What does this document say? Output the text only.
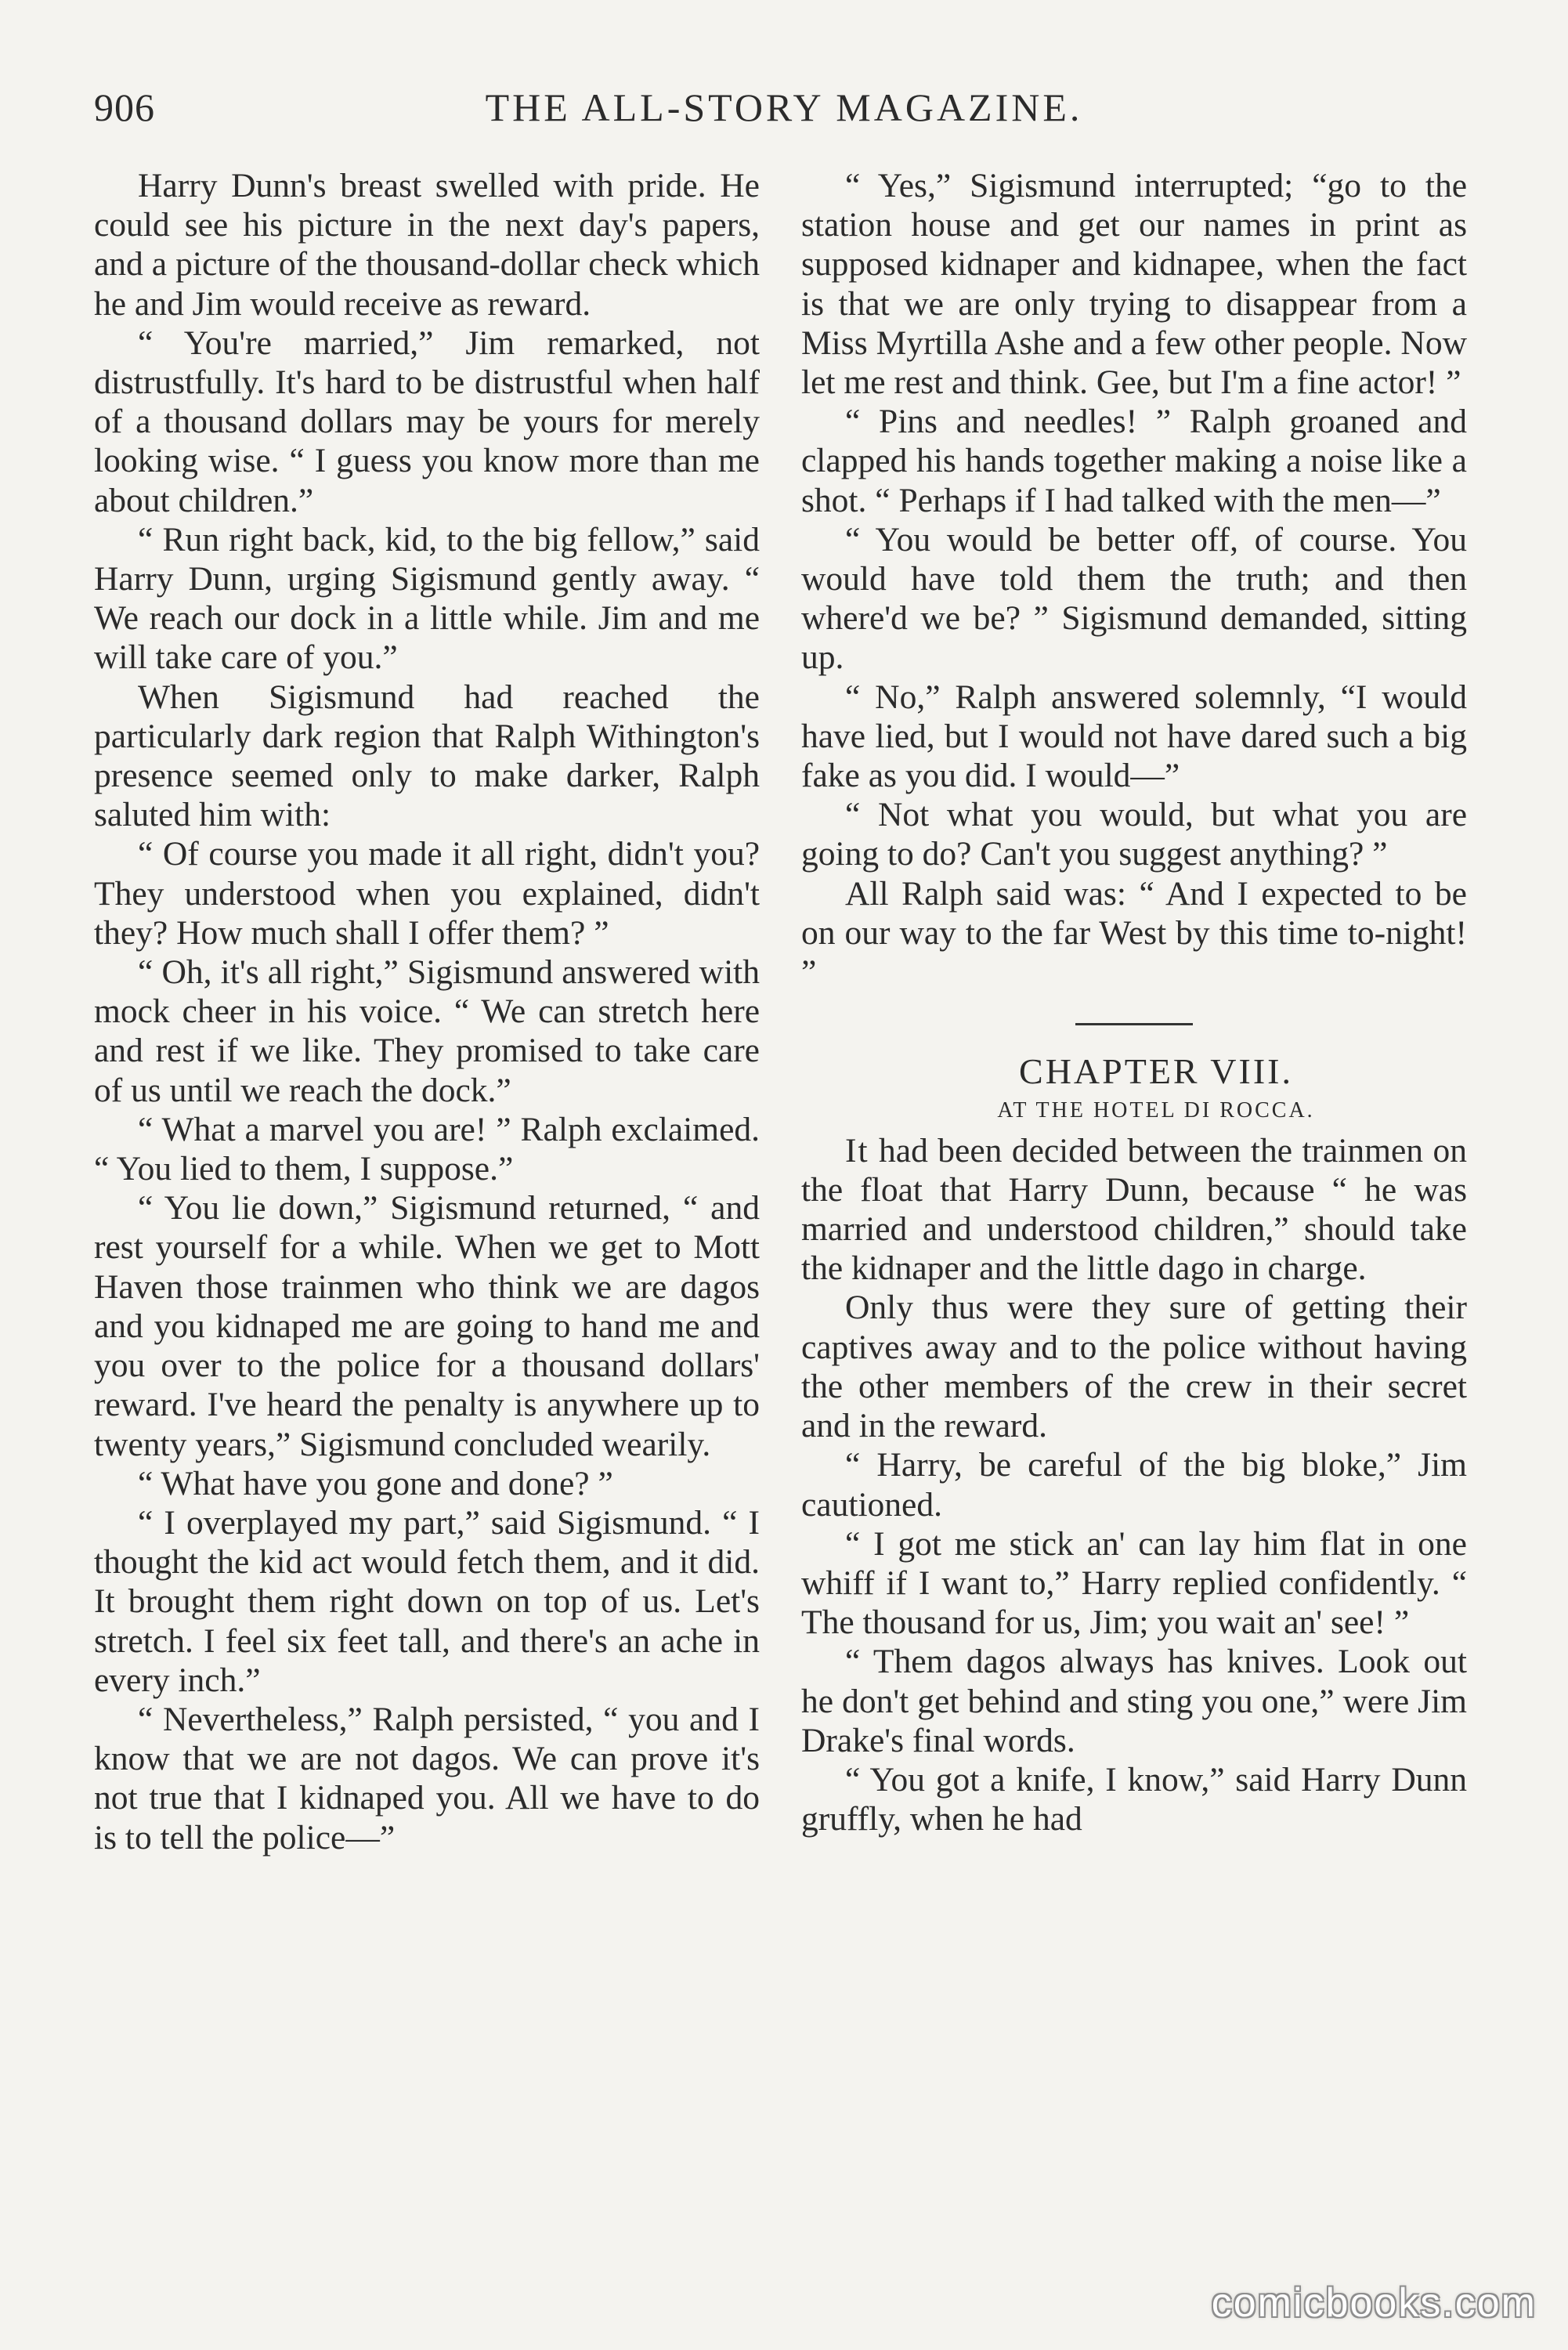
906	THE ALL-STORY MAGAZINE.

Harry Dunn's breast swelled with pride. He could see his picture in the next day's papers, and a picture of the thousand-dollar check which he and Jim would receive as reward.

“ You're married,” Jim remarked, not distrustfully. It's hard to be distrustful when half of a thousand dollars may be yours for merely looking wise. “ I guess you know more than me about children.”

“ Run right back, kid, to the big fellow,” said Harry Dunn, urging Sigismund gently away. “ We reach our dock in a little while. Jim and me will take care of you.”

When Sigismund had reached the particularly dark region that Ralph Withington's presence seemed only to make darker, Ralph saluted him with:

“ Of course you made it all right, didn't you? They understood when you explained, didn't they? How much shall I offer them? ”

“ Oh, it's all right,” Sigismund answered with mock cheer in his voice. “ We can stretch here and rest if we like. They promised to take care of us until we reach the dock.”

“ What a marvel you are! ” Ralph exclaimed. “ You lied to them, I suppose.”

“ You lie down,” Sigismund returned, “ and rest yourself for a while. When we get to Mott Haven those trainmen who think we are dagos and you kidnaped me are going to hand me and you over to the police for a thousand dollars' reward. I've heard the penalty is anywhere up to twenty years,” Sigismund concluded wearily.

“ What have you gone and done? ”

“ I overplayed my part,” said Sigismund. “ I thought the kid act would fetch them, and it did. It brought them right down on top of us. Let's stretch. I feel six feet tall, and there's an ache in every inch.”

“ Nevertheless,” Ralph persisted, “ you and I know that we are not dagos. We can prove it's not true that I kidnaped you. All we have to do is to tell the police—”

“ Yes,” Sigismund interrupted; “go to the station house and get our names in print as supposed kidnaper and kidnapee, when the fact is that we are only trying to disappear from a Miss Myrtilla Ashe and a few other people. Now let me rest and think. Gee, but I'm a fine actor! ”

“ Pins and needles! ” Ralph groaned and clapped his hands together making a noise like a shot. “ Perhaps if I had talked with the men—”

“ You would be better off, of course. You would have told them the truth; and then where'd we be? ” Sigismund demanded, sitting up.

“ No,” Ralph answered solemnly, “I would have lied, but I would not have dared such a big fake as you did. I would—”

“ Not what you would, but what you are going to do? Can't you suggest anything? ”

All Ralph said was: “ And I expected to be on our way to the far West by this time to-night! ”

CHAPTER VIII.

AT THE HOTEL DI ROCCA.

It had been decided between the trainmen on the float that Harry Dunn, because “ he was married and understood children,” should take the kidnaper and the little dago in charge.

Only thus were they sure of getting their captives away and to the police without having the other members of the crew in their secret and in the reward.

“ Harry, be careful of the big bloke,” Jim cautioned.

“ I got me stick an' can lay him flat in one whiff if I want to,” Harry replied confidently. “ The thousand for us, Jim; you wait an' see! ”

“ Them dagos always has knives. Look out he don't get behind and sting you one,” were Jim Drake's final words.

“ You got a knife, I know,” said Harry Dunn gruffly, when he had

comicbooks.com
